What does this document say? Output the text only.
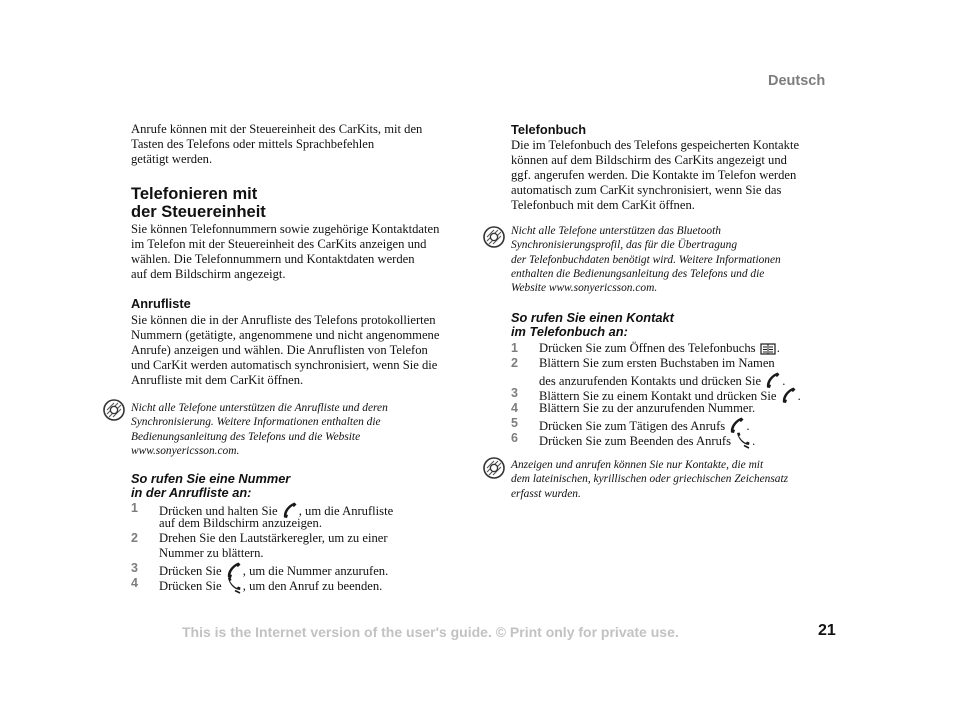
Deutsch
Anrufe können mit der Steuereinheit des CarKits, mit den
Tasten des Telefons oder mittels Sprachbefehlen
getätigt werden.
Telefonieren mit
der Steuereinheit
Sie können Telefonnummern sowie zugehörige Kontaktdaten
im Telefon mit der Steuereinheit des CarKits anzeigen und
wählen. Die Telefonnummern und Kontaktdaten werden
auf dem Bildschirm angezeigt.
Anrufliste
Sie können die in der Anrufliste des Telefons protokollierten
Nummern (getätigte, angenommene und nicht angenommene
Anrufe) anzeigen und wählen. Die Anruflisten von Telefon
und CarKit werden automatisch synchronisiert, wenn Sie die
Anrufliste mit dem CarKit öffnen.
Nicht alle Telefone unterstützen die Anrufliste und deren
Synchronisierung. Weitere Informationen enthalten die
Bedienungsanleitung des Telefons und die Website
www.sonyericsson.com.
So rufen Sie eine Nummer
in der Anrufliste an:
1 Drücken und halten Sie , um die Anrufliste
auf dem Bildschirm anzuzeigen.
2 Drehen Sie den Lautstärkeregler, um zu einer
Nummer zu blättern.
3 Drücken Sie , um die Nummer anzurufen.
4 Drücken Sie , um den Anruf zu beenden.
Telefonbuch
Die im Telefonbuch des Telefons gespeicherten Kontakte
können auf dem Bildschirm des CarKits angezeigt und
ggf. angerufen werden. Die Kontakte im Telefon werden
automatisch zum CarKit synchronisiert, wenn Sie das
Telefonbuch mit dem CarKit öffnen.
Nicht alle Telefone unterstützen das Bluetooth
Synchronisierungsprofil, das für die Übertragung
der Telefonbuchdaten benötigt wird. Weitere Informationen
enthalten die Bedienungsanleitung des Telefons und die
Website www.sonyericsson.com.
So rufen Sie einen Kontakt
im Telefonbuch an:
1 Drücken Sie zum Öffnen des Telefonbuchs .
2 Blättern Sie zum ersten Buchstaben im Namen
des anzurufenden Kontakts und drücken Sie .
3 Blättern Sie zu einem Kontakt und drücken Sie .
4 Blättern Sie zu der anzurufenden Nummer.
5 Drücken Sie zum Tätigen des Anrufs .
6 Drücken Sie zum Beenden des Anrufs .
Anzeigen und anrufen können Sie nur Kontakte, die mit
dem lateinischen, kyrillischen oder griechischen Zeichensatz
erfasst wurden.
This is the Internet version of the user's guide. © Print only for private use.	21
